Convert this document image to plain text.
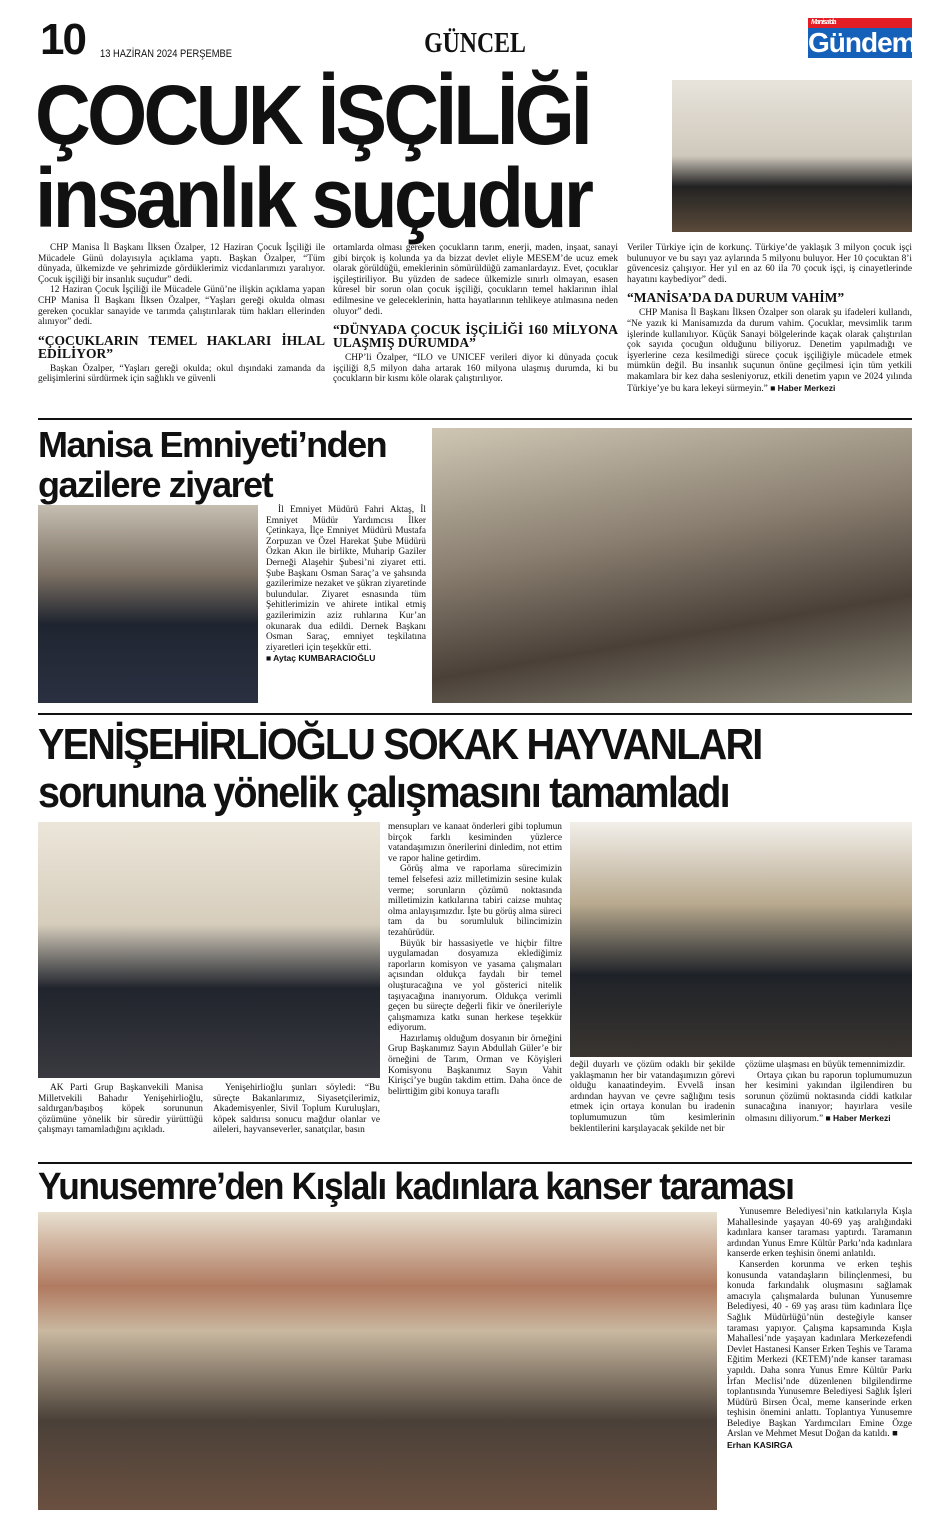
10 13 HAZİRAN 2024 PERŞEMBE	GÜNCEL
Manisa'da
Gündem
ÇOCUK İŞÇİLİĞİ
insanlık suçudur

CHP Manisa İl Başkanı İlksen Özalper, 12 Haziran Çocuk İşçiliği ile Mücadele Günü dolayısıyla açıklama yaptı. Başkan Özalper, “Tüm dünyada, ülkemizde ve şehrimizde gördüklerimiz vicdanlarımızı yaralıyor. Çocuk işçiliği bir insanlık suçudur” dedi.

12 Haziran Çocuk İşçiliği ile Mücadele Günü’ne ilişkin açıklama yapan CHP Manisa İl Başkanı İlksen Özalper, “Yaşları gereği okulda olması gereken çocuklar sanayide ve tarımda çalıştırılarak tüm hakları ellerinden alınıyor” dedi.

“ÇOCUKLARIN TEMEL HAKLARI İHLAL EDİLİYOR”

Başkan Özalper, “Yaşları gereği okulda; okul dışındaki zamanda da gelişimlerini sürdürmek için sağlıklı ve güvenli

ortamlarda olması gereken çocukların tarım, enerji, maden, inşaat, sanayi gibi birçok iş kolunda ya da bizzat devlet eliyle MESEM’de ucuz emek olarak görüldüğü, emeklerinin sömürüldüğü zamanlardayız. Evet, çocuklar işçileştiriliyor. Bu yüzden de sadece ülkemizle sınırlı olmayan, esasen küresel bir sorun olan çocuk işçiliği, çocukların temel haklarının ihlal edilmesine ve geleceklerinin, hatta hayatlarının tehlikeye atılmasına neden oluyor” dedi.

“DÜNYADA ÇOCUK İŞÇİLİĞİ 160 MİLYONA ULAŞMIŞ DURUMDA”

CHP’li Özalper, “ILO ve UNICEF verileri diyor ki dünyada çocuk işçiliği 8,5 milyon daha artarak 160 milyona ulaşmış durumda, ki bu çocukların bir kısmı köle olarak çalıştırılıyor.

Veriler Türkiye için de korkunç. Türkiye’de yaklaşık 3 milyon çocuk işçi bulunuyor ve bu sayı yaz aylarında 5 milyonu buluyor. Her 10 çocuktan 8’i güvencesiz çalışıyor. Her yıl en az 60 ila 70 çocuk işçi, iş cinayetlerinde hayatını kaybediyor” dedi.

“MANİSA’DA DA DURUM VAHİM”

CHP Manisa İl Başkanı İlksen Özalper son olarak şu ifadeleri kullandı, “Ne yazık ki Manisamızda da durum vahim. Çocuklar, mevsimlik tarım işlerinde kullanılıyor. Küçük Sanayi bölgelerinde kaçak olarak çalıştırılan çok sayıda çocuğun olduğunu biliyoruz. Denetim yapılmadığı ve işyerlerine ceza kesilmediği sürece çocuk işçiliğiyle mücadele etmek mümkün değil. Bu insanlık suçunun önüne geçilmesi için tüm yetkili makamlara bir kez daha sesleniyoruz, etkili denetim yapın ve 2024 yılında Türkiye’ye bu kara lekeyi sürmeyin.” ■ Haber Merkezi

Manisa Emniyeti’nden
gazilere ziyaret

İl Emniyet Müdürü Fahri Aktaş, İl Emniyet Müdür Yardımcısı İlker Çetinkaya, İlçe Emniyet Müdürü Mustafa Zorpuzan ve Özel Harekat Şube Müdürü Özkan Akın ile birlikte, Muharip Gaziler Derneği Alaşehir Şubesi’ni ziyaret etti. Şube Başkanı Osman Saraç’a ve şahsında gazilerimize nezaket ve şükran ziyaretinde bulundular. Ziyaret esnasında tüm Şehitlerimizin ve ahirete intikal etmiş gazilerimizin aziz ruhlarına Kur’an okunarak dua edildi. Dernek Başkanı Osman Saraç, emniyet teşkilatına ziyaretleri için teşekkür etti.

■ Aytaç KUMBARACIOĞLU
YENİŞEHİRLİOĞLU SOKAK HAYVANLARI
sorununa yönelik çalışmasını tamamladı

AK Parti Grup Başkanvekili Manisa Milletvekili Bahadır Yenişehirlioğlu, saldırgan/başıboş köpek sorununun çözümüne yönelik bir süredir yürüttüğü çalışmayı tamamladığını açıkladı.

Yenişehirlioğlu şunları söyledi: “Bu süreçte Bakanlarımız, Siyasetçilerimiz, Akademisyenler, Sivil Toplum Kuruluşları, köpek saldırısı sonucu mağdur olanlar ve aileleri, hayvanseverler, sanatçılar, basın

mensupları ve kanaat önderleri gibi toplumun birçok farklı kesiminden yüzlerce vatandaşımızın önerilerini dinledim, not ettim ve rapor haline getirdim.

Görüş alma ve raporlama sürecimizin temel felsefesi aziz milletimizin sesine kulak verme; sorunların çözümü noktasında milletimizin katkılarına tabiri caizse muhtaç olma anlayışımızdır. İşte bu görüş alma süreci tam da bu sorumluluk bilincimizin tezahürüdür.

Büyük bir hassasiyetle ve hiçbir filtre uygulamadan dosyamıza eklediğimiz raporların komisyon ve yasama çalışmaları açısından oldukça faydalı bir temel oluşturacağına ve yol gösterici nitelik taşıyacağına inanıyorum. Oldukça verimli geçen bu süreçte değerli fikir ve önerileriyle çalışmamıza katkı sunan herkese teşekkür ediyorum.

Hazırlamış olduğum dosyanın bir örneğini Grup Başkanımız Sayın Abdullah Güler’e bir örneğini de Tarım, Orman ve Köyişleri Komisyonu Başkanımız Sayın Vahit Kirişci’ye bugün takdim ettim. Daha önce de belirttiğim gibi konuya taraflı

değil duyarlı ve çözüm odaklı bir şekilde yaklaşmanın her bir vatandaşımızın görevi olduğu kanaatindeyim. Evvelâ insan ardından hayvan ve çevre sağlığını tesis etmek için ortaya konulan bu iradenin toplumumuzun tüm kesimlerinin beklentilerini karşılayacak şekilde net bir

çözüme ulaşması en büyük temennimizdir.

Ortaya çıkan bu raporun toplumumuzun her kesimini yakından ilgilendiren bu sorunun çözümü noktasında ciddi katkılar sunacağına inanıyor; hayırlara vesile olmasını diliyorum.” ■ Haber Merkezi

Yunusemre’den Kışlalı kadınlara kanser taraması

Yunusemre Belediyesi’nin katkılarıyla Kışla Mahallesinde yaşayan 40-69 yaş aralığındaki kadınlara kanser taraması yaptırdı. Taramanın ardından Yunus Emre Kültür Parkı’nda kadınlara kanserde erken teşhisin önemi anlatıldı.

Kanserden korunma ve erken teşhis konusunda vatandaşların bilinçlenmesi, bu konuda farkındalık oluşmasını sağlamak amacıyla çalışmalarda bulunan Yunusemre Belediyesi, 40 - 69 yaş arası tüm kadınlara İlçe Sağlık Müdürlüğü’nün desteğiyle kanser taraması yapıyor. Çalışma kapsamında Kışla Mahallesi’nde yaşayan kadınlara Merkezefendi Devlet Hastanesi Kanser Erken Teşhis ve Tarama Eğitim Merkezi (KETEM)’nde kanser taraması yapıldı. Daha sonra Yunus Emre Kültür Parkı İrfan Meclisi’nde düzenlenen bilgilendirme toplantısında Yunusemre Belediyesi Sağlık İşleri Müdürü Birsen Öcal, meme kanserinde erken teşhisin önemini anlattı. Toplantıya Yunusemre Belediye Başkan Yardımcıları Emine Özge Arslan ve Mehmet Mesut Doğan da katıldı. ■

Erhan KASIRGA
